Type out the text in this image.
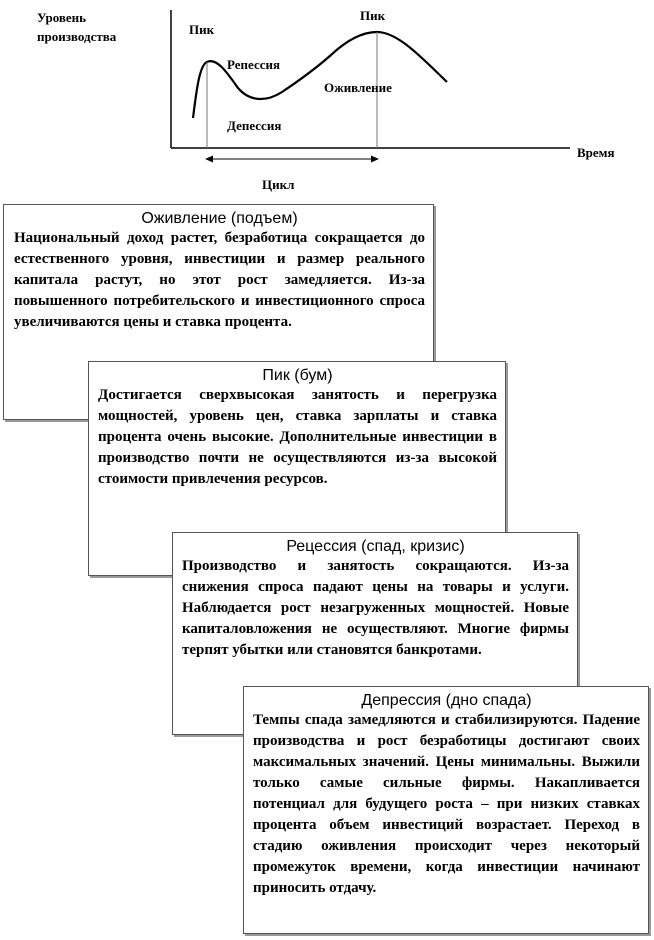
Уровень
производства
Время
Пик
Пик
Репессия
Оживление
Депессия
Цикл
Оживление (подъем)

Национальный доход растет, безработица сокращается до естественного уровня, инвестиции и размер реального капитала растут, но этот рост замедляется. Из-за повышенного потребительского и инвестиционного спроса увеличиваются цены и ставка процента.

Пик (бум)

Достигается сверхвысокая занятость и перегрузка мощностей, уровень цен, ставка зарплаты и ставка процента очень высокие. Дополнительные инвестиции в производство почти не осуществляются из-за высокой стоимости привлечения ресурсов.

Рецессия (спад, кризис)

Производство и занятость сокращаются. Из-за снижения спроса падают цены на товары и услуги. Наблюдается рост незагруженных мощностей. Новые капиталовложения не осуществляют. Многие фирмы терпят убытки или становятся банкротами.

Депрессия (дно спада)

Темпы спада замедляются и стабилизируются. Падение производства и рост безработицы достигают своих максимальных значений. Цены минимальны. Выжили только самые сильные фирмы. Накапливается потенциал для будущего роста – при низких ставках процента объем инвестиций возрастает. Переход в стадию оживления происходит через некоторый промежуток времени, когда инвестиции начинают приносить отдачу.
